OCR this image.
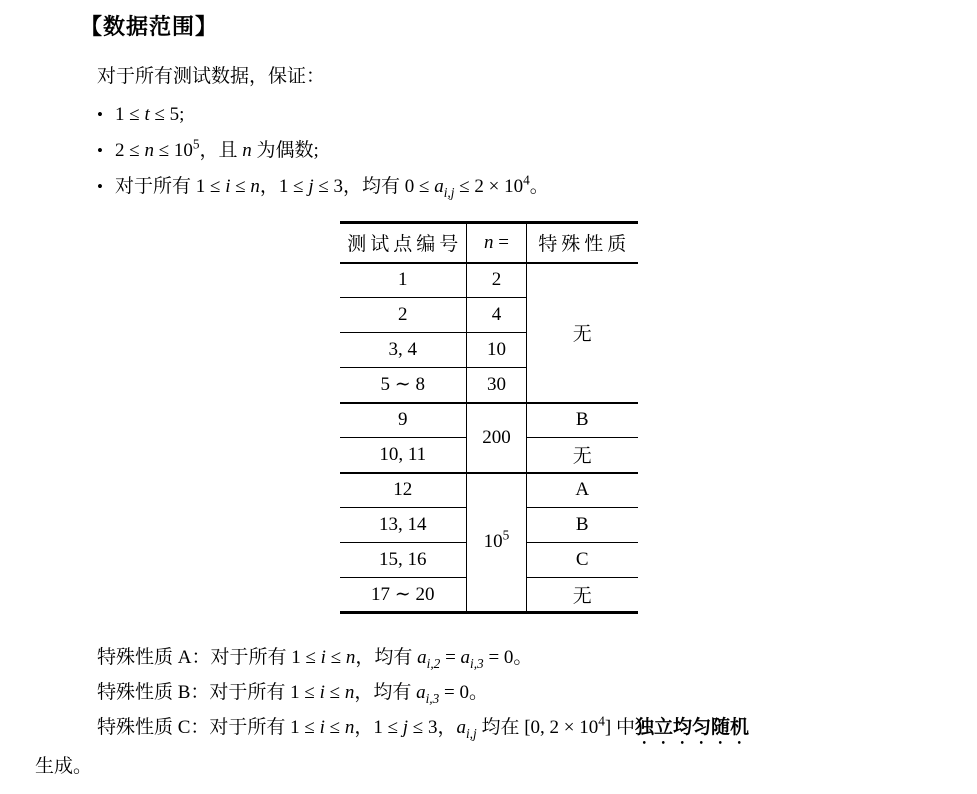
【数据范围】

对于所有测试数据，保证：

• 1 ≤ t ≤ 5;
• $2 \le n \le 10^5$，且 n 为偶数;
• 对于所有 1 ≤ i ≤ n，1 ≤ j ≤ 3，均有 $0 \le a_{i,j} \le 2 \times 10^4$。
测试点编号	n =	特殊性质
1	2	无
2	4	
3, 4	10	
5 ∼ 8	30	
9	200	B
10, 11		无
12	$10^5$	A
13, 14		B
15, 16		C
17 ∼ 20		无

特殊性质 A：对于所有 1 ≤ i ≤ n，均有 $a_{i,2} = a_{i,3} = 0$。

特殊性质 B：对于所有 1 ≤ i ≤ n，均有 $a_{i,3} = 0$。

特殊性质 C：对于所有 1 ≤ i ≤ n，1 ≤ j ≤ 3，$a_{i,j}$ 均在 [0, $2 \times 10^4$] 中独立均匀随机
生成。
